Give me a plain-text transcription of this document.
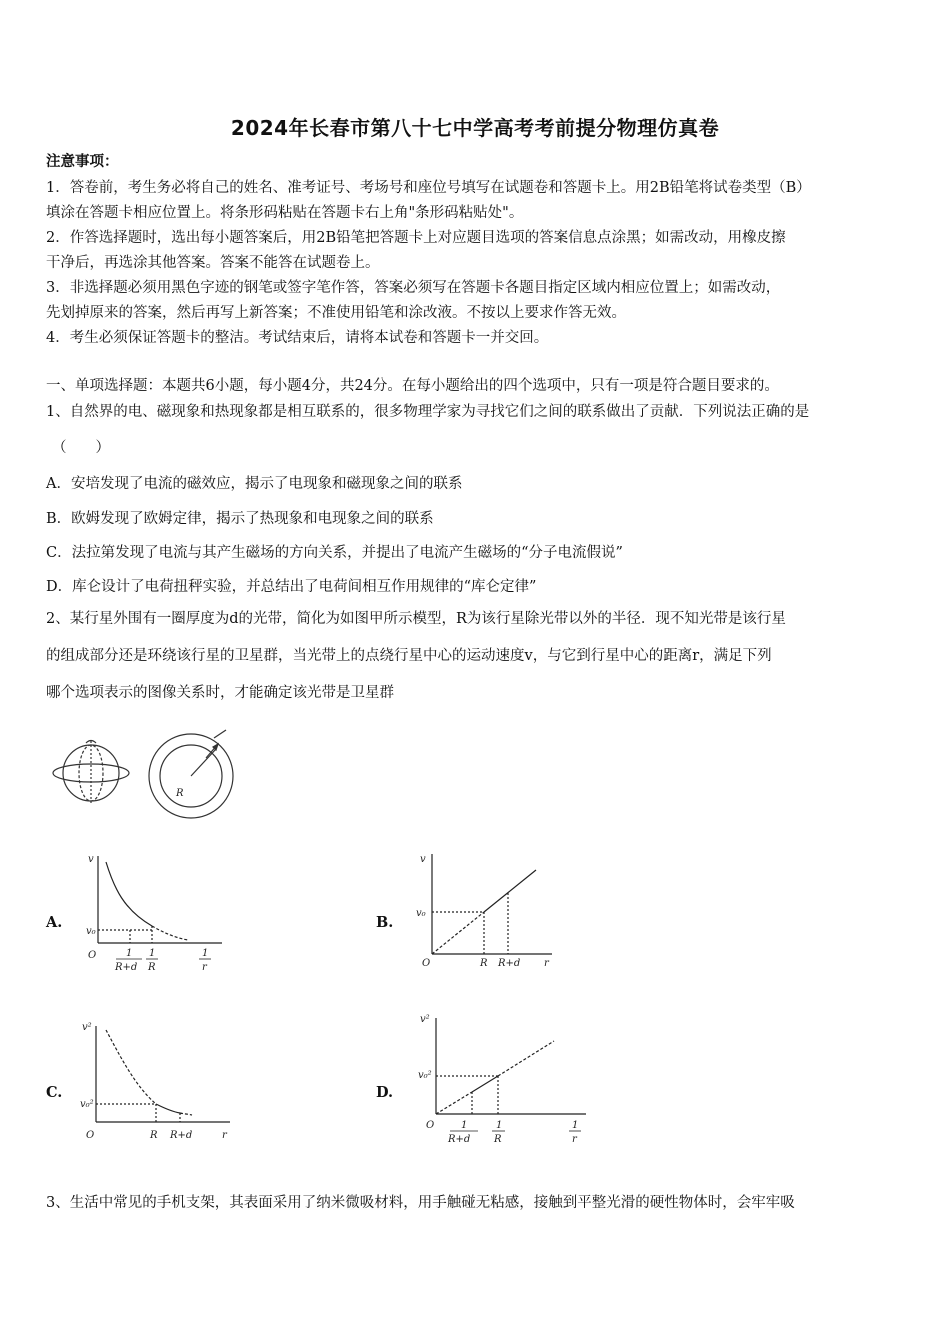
2024年长春市第八十七中学高考考前提分物理仿真卷
注意事项：
1．答卷前，考生务必将自己的姓名、准考证号、考场号和座位号填写在试题卷和答题卡上。用2B铅笔将试卷类型（B）
填涂在答题卡相应位置上。将条形码粘贴在答题卡右上角"条形码粘贴处"。
2．作答选择题时，选出每小题答案后，用2B铅笔把答题卡上对应题目选项的答案信息点涂黑；如需改动，用橡皮擦
干净后，再选涂其他答案。答案不能答在试题卷上。
3．非选择题必须用黑色字迹的钢笔或签字笔作答，答案必须写在答题卡各题目指定区域内相应位置上；如需改动，
先划掉原来的答案，然后再写上新答案；不准使用铅笔和涂改液。不按以上要求作答无效。
4．考生必须保证答题卡的整洁。考试结束后，请将本试卷和答题卡一并交回。
一、单项选择题：本题共6小题，每小题4分，共24分。在每小题给出的四个选项中，只有一项是符合题目要求的。
1、自然界的电、磁现象和热现象都是相互联系的，很多物理学家为寻找它们之间的联系做出了贡献．下列说法正确的是
（　　）
A．安培发现了电流的磁效应，揭示了电现象和磁现象之间的联系
B．欧姆发现了欧姆定律，揭示了热现象和电现象之间的联系
C．法拉第发现了电流与其产生磁场的方向关系，并提出了电流产生磁场的“分子电流假说”
D．库仑设计了电荷扭秤实验，并总结出了电荷间相互作用规律的“库仑定律”
2、某行星外围有一圈厚度为d的光带，简化为如图甲所示模型，R为该行星除光带以外的半径．现不知光带是该行星
的组成部分还是环绕该行星的卫星群，当光带上的点绕行星中心的运动速度v，与它到行星中心的距离r，满足下列
哪个选项表示的图像关系时，才能确定该光带是卫星群
R
A.	B.
C.	D.
v
v₀
O	1
R+d
1
R
1
r
v
v₀
O	R R+d r
v²
v₀²
O	R R+d	r
v²
v₀²
O	1
R+d
1
R
1
r
3、生活中常见的手机支架，其表面采用了纳米微吸材料，用手触碰无粘感，接触到平整光滑的硬性物体时，会牢牢吸
